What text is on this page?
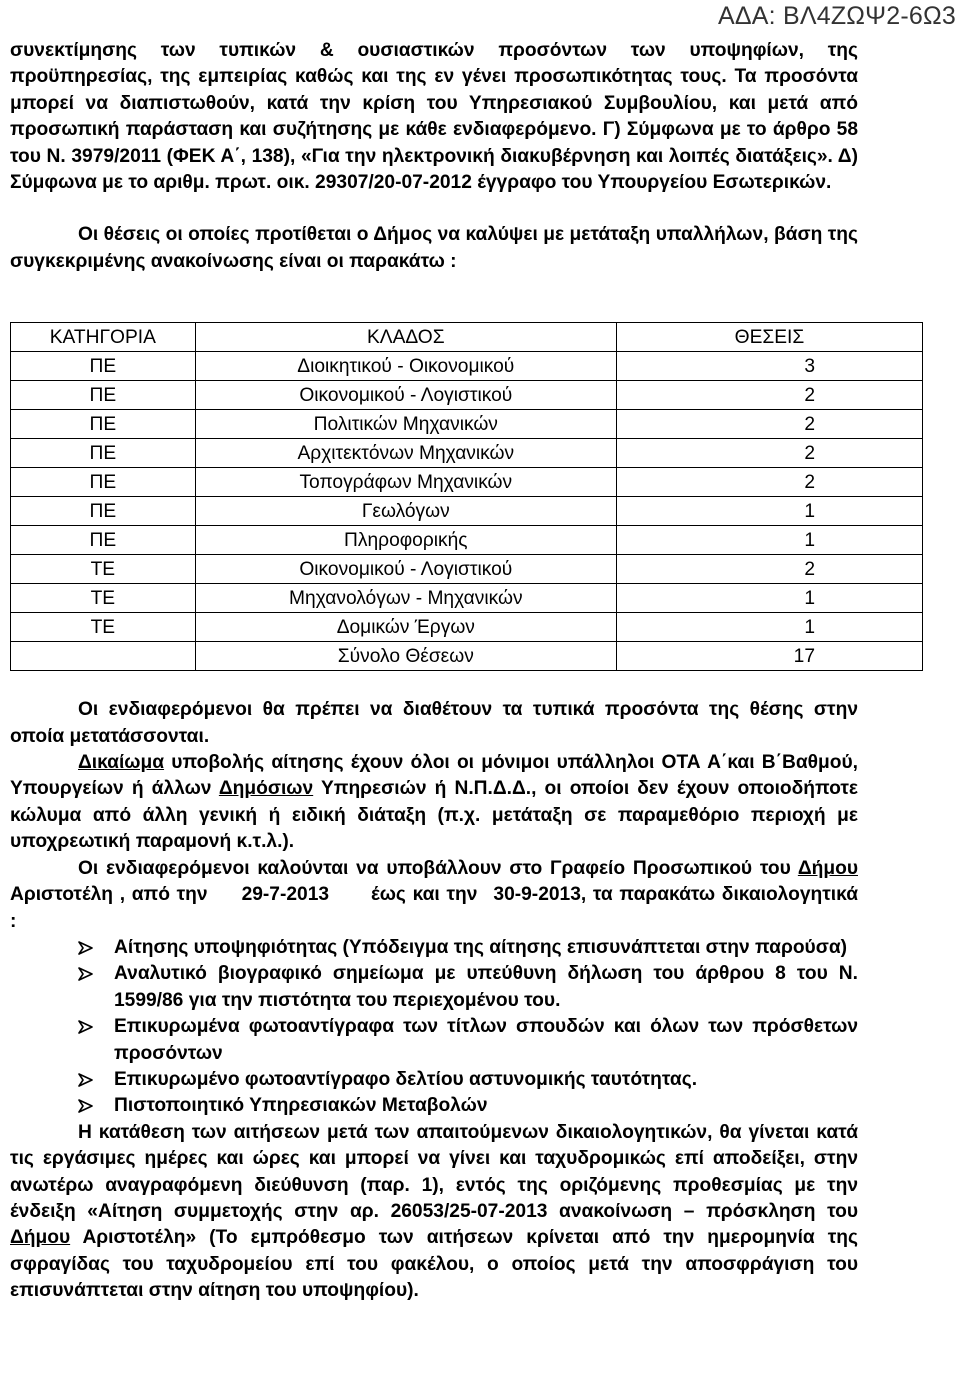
ΑΔΑ: ΒΛ4ΖΩΨ2-6Ω3

συνεκτίμησης των τυπικών & ουσιαστικών προσόντων των υποψηφίων, της προϋπηρεσίας, της εμπειρίας καθώς και της εν γένει προσωπικότητας τους. Τα προσόντα μπορεί να διαπιστωθούν, κατά την κρίση του Υπηρεσιακού Συμβουλίου, και μετά από προσωπική παράσταση και συζήτησης με κάθε ενδιαφερόμενο. Γ) Σύμφωνα με το άρθρο 58 του Ν. 3979/2011 (ΦΕΚ Α΄, 138), «Για την ηλεκτρονική διακυβέρνηση και λοιπές διατάξεις». Δ) Σύμφωνα με το αριθμ. πρωτ. οικ. 29307/20-07-2012 έγγραφο του Υπουργείου Εσωτερικών.

Οι θέσεις οι οποίες προτίθεται ο Δήμος να καλύψει με μετάταξη υπαλλήλων, βάση της συγκεκριμένης ανακοίνωσης είναι οι παρακάτω :

ΚΑΤΗΓΟΡΙΑ	ΚΛΑΔΟΣ	ΘΕΣΕΙΣ
ΠΕ	Διοικητικού - Οικονομικού	3
ΠΕ	Οικονομικού - Λογιστικού	2
ΠΕ	Πολιτικών Μηχανικών	2
ΠΕ	Αρχιτεκτόνων Μηχανικών	2
ΠΕ	Τοπογράφων Μηχανικών	2
ΠΕ	Γεωλόγων	1
ΠΕ	Πληροφορικής	1
ΤΕ	Οικονομικού - Λογιστικού	2
ΤΕ	Μηχανολόγων - Μηχανικών	1
ΤΕ	Δομικών Έργων	1
	Σύνολο Θέσεων	17

Οι ενδιαφερόμενοι θα πρέπει να διαθέτουν τα τυπικά προσόντα της θέσης στην οποία μετατάσσονται.

Δικαίωμα υποβολής αίτησης έχουν όλοι οι μόνιμοι υπάλληλοι ΟΤΑ Α΄και Β΄Βαθμού, Υπουργείων ή άλλων Δημόσιων Υπηρεσιών ή Ν.Π.Δ.Δ., οι οποίοι δεν έχουν οποιοδήποτε κώλυμα από άλλη γενική ή ειδική διάταξη (π.χ. μετάταξη σε παραμεθόριο περιοχή με υποχρεωτική παραμονή κ.τ.λ.).

Οι ενδιαφερόμενοι καλούνται να υποβάλλουν στο Γραφείο Προσωπικού του Δήμου Αριστοτέλη , από την 29-7-2013 έως και την 30-9-2013, τα παρακάτω δικαιολογητικά :

Αίτησης υποψηφιότητας (Υπόδειγμα της αίτησης επισυνάπτεται στην παρούσα)
Αναλυτικό βιογραφικό σημείωμα με υπεύθυνη δήλωση του άρθρου 8 του Ν. 1599/86 για την πιστότητα του περιεχομένου του.
Επικυρωμένα φωτοαντίγραφα των τίτλων σπουδών και όλων των πρόσθετων προσόντων
Επικυρωμένο φωτοαντίγραφο δελτίου αστυνομικής ταυτότητας.
Πιστοποιητικό Υπηρεσιακών Μεταβολών

Η κατάθεση των αιτήσεων μετά των απαιτούμενων δικαιολογητικών, θα γίνεται κατά τις εργάσιμες ημέρες και ώρες και μπορεί να γίνει και ταχυδρομικώς επί αποδείξει, στην ανωτέρω αναγραφόμενη διεύθυνση (παρ. 1), εντός της οριζόμενης προθεσμίας με την ένδειξη «Αίτηση συμμετοχής στην αρ. 26053/25-07-2013 ανακοίνωση – πρόσκληση του Δήμου Αριστοτέλη» (Το εμπρόθεσμο των αιτήσεων κρίνεται από την ημερομηνία της σφραγίδας του ταχυδρομείου επί του φακέλου, ο οποίος μετά την αποσφράγιση του επισυνάπτεται στην αίτηση του υποψηφίου).
